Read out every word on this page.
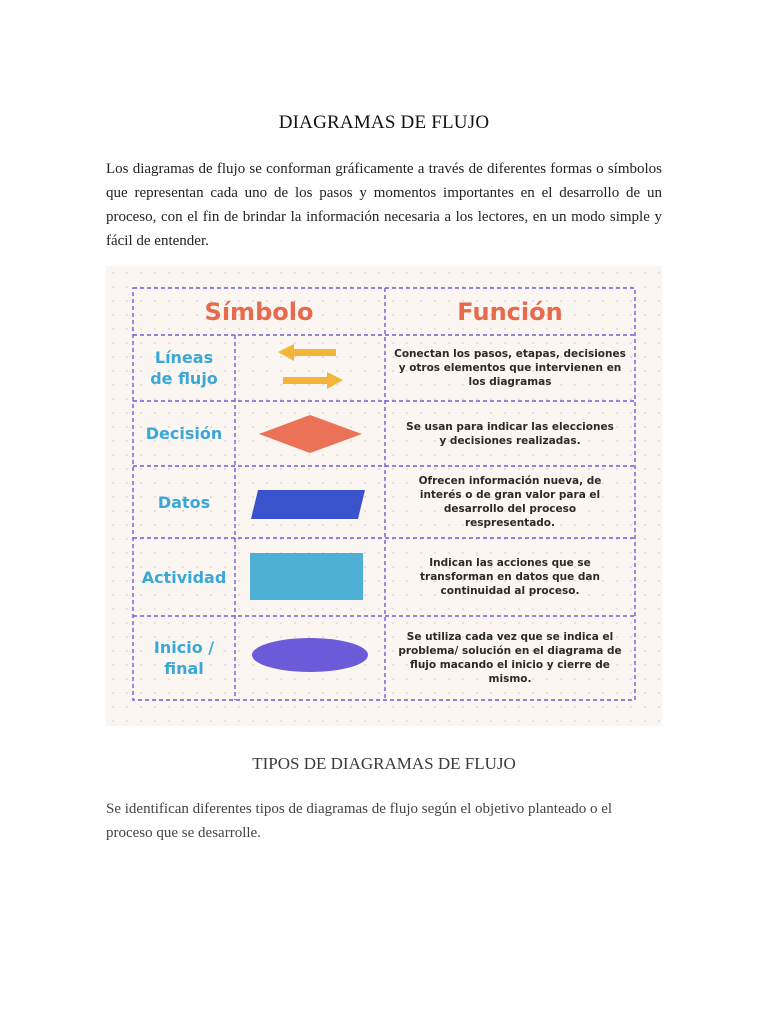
DIAGRAMAS DE FLUJO

Los diagramas de flujo se conforman gráficamente a través de diferentes formas o símbolos que representan cada uno de los pasos y momentos importantes en el desarrollo de un proceso, con el fin de brindar la información necesaria a los lectores, en un modo simple y fácil de entender.

Símbolo	Función
Líneas de flujo
Decisión
Datos
Actividad
Inicio / final
Conectan los pasos, etapas, decisiones y otros elementos que intervienen en los diagramas
Se usan para indicar las elecciones y decisiones realizadas.
Ofrecen información nueva, de interés o de gran valor para el desarrollo del proceso respresentado.
Indican las acciones que se transforman en datos que dan continuidad al proceso.
Se utiliza cada vez que se indica el problema/ solución en el diagrama de flujo macando el inicio y cierre de mismo.
TIPOS DE DIAGRAMAS DE FLUJO

Se identifican diferentes tipos de diagramas de flujo según el objetivo planteado o el proceso que se desarrolle.
